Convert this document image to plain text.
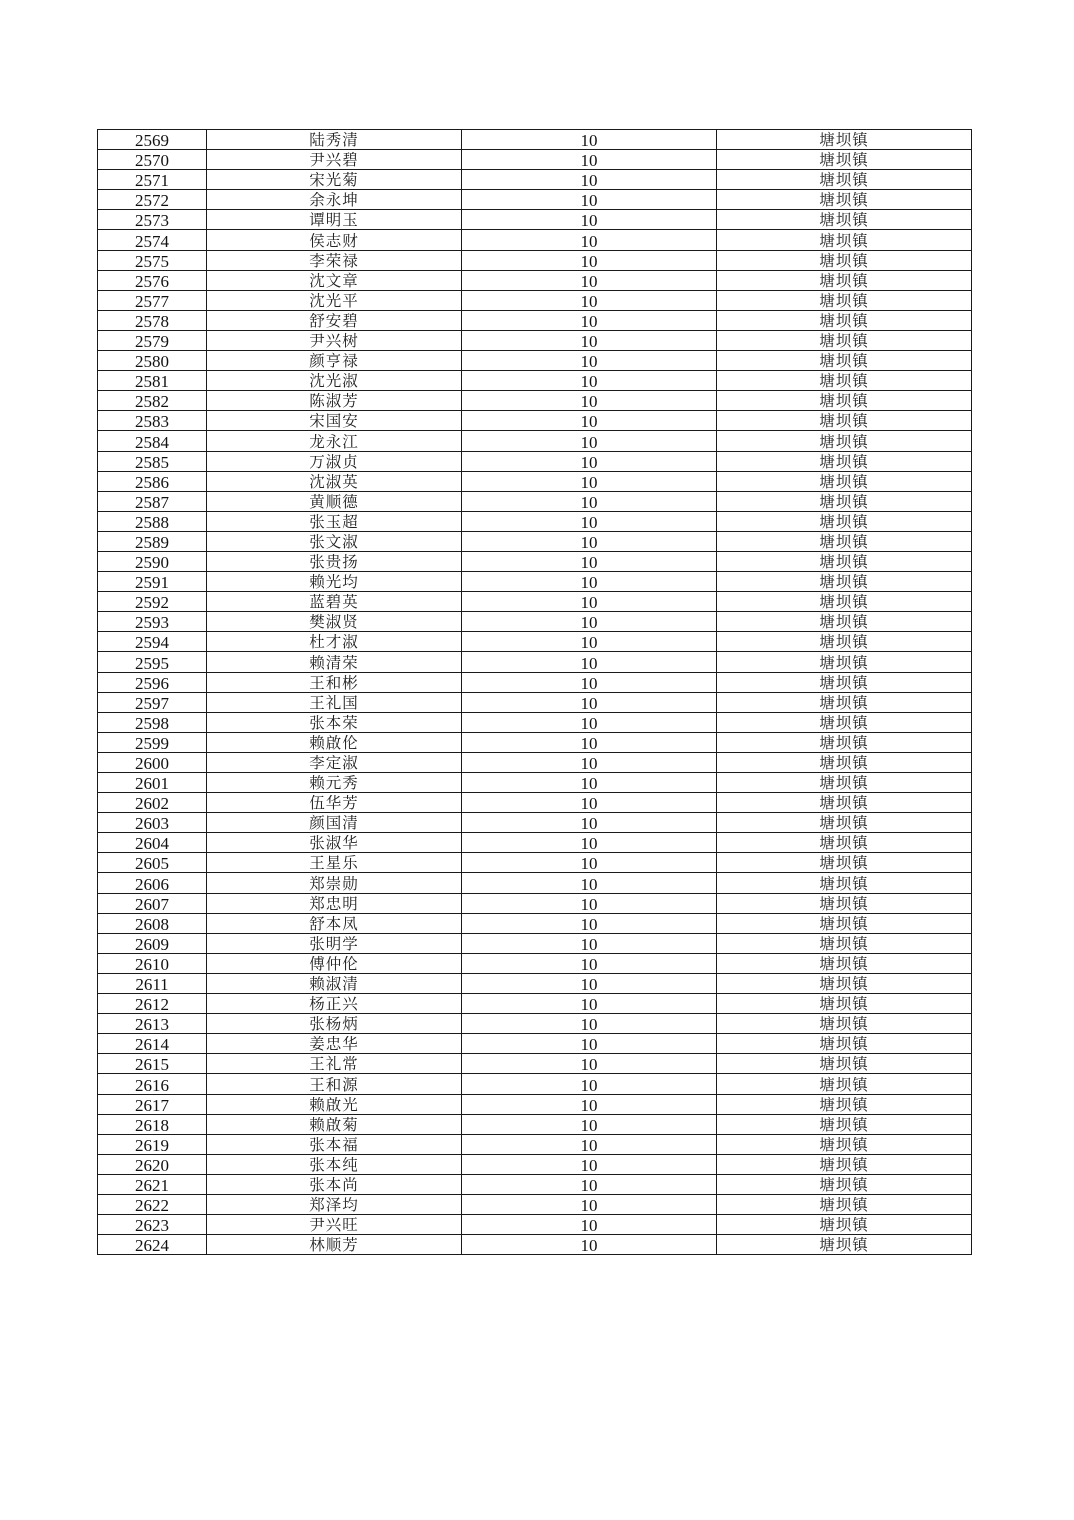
2569	陆秀清	10	塘坝镇
2570	尹兴碧	10	塘坝镇
2571	宋光菊	10	塘坝镇
2572	余永坤	10	塘坝镇
2573	谭明玉	10	塘坝镇
2574	侯志财	10	塘坝镇
2575	李荣禄	10	塘坝镇
2576	沈文章	10	塘坝镇
2577	沈光平	10	塘坝镇
2578	舒安碧	10	塘坝镇
2579	尹兴树	10	塘坝镇
2580	颜亨禄	10	塘坝镇
2581	沈光淑	10	塘坝镇
2582	陈淑芳	10	塘坝镇
2583	宋国安	10	塘坝镇
2584	龙永江	10	塘坝镇
2585	万淑贞	10	塘坝镇
2586	沈淑英	10	塘坝镇
2587	黄顺德	10	塘坝镇
2588	张玉超	10	塘坝镇
2589	张文淑	10	塘坝镇
2590	张贵扬	10	塘坝镇
2591	赖光均	10	塘坝镇
2592	蓝碧英	10	塘坝镇
2593	樊淑贤	10	塘坝镇
2594	杜才淑	10	塘坝镇
2595	赖清荣	10	塘坝镇
2596	王和彬	10	塘坝镇
2597	王礼国	10	塘坝镇
2598	张本荣	10	塘坝镇
2599	赖啟伦	10	塘坝镇
2600	李定淑	10	塘坝镇
2601	赖元秀	10	塘坝镇
2602	伍华芳	10	塘坝镇
2603	颜国清	10	塘坝镇
2604	张淑华	10	塘坝镇
2605	王星乐	10	塘坝镇
2606	郑崇勋	10	塘坝镇
2607	郑忠明	10	塘坝镇
2608	舒本凤	10	塘坝镇
2609	张明学	10	塘坝镇
2610	傅仲伦	10	塘坝镇
2611	赖淑清	10	塘坝镇
2612	杨正兴	10	塘坝镇
2613	张杨炳	10	塘坝镇
2614	姜忠华	10	塘坝镇
2615	王礼常	10	塘坝镇
2616	王和源	10	塘坝镇
2617	赖啟光	10	塘坝镇
2618	赖啟菊	10	塘坝镇
2619	张本福	10	塘坝镇
2620	张本纯	10	塘坝镇
2621	张本尚	10	塘坝镇
2622	郑泽均	10	塘坝镇
2623	尹兴旺	10	塘坝镇
2624	林顺芳	10	塘坝镇
